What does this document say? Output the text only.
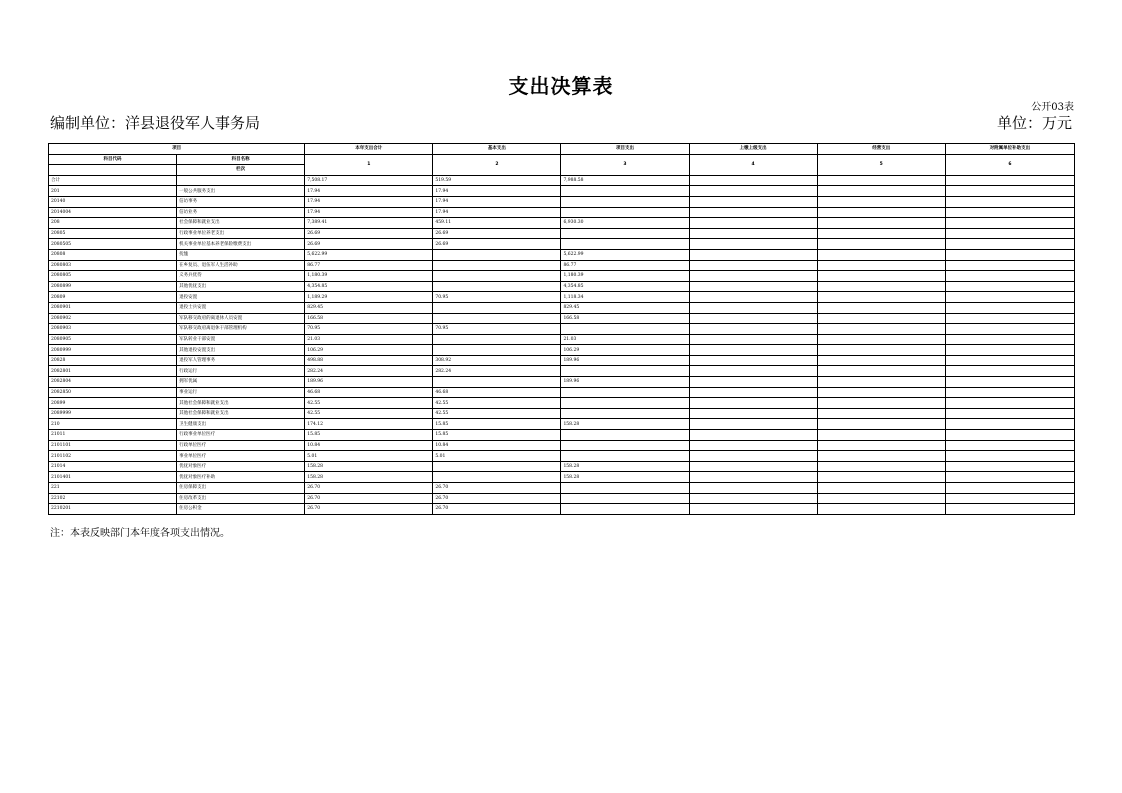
支出决算表
公开03表
编制单位：洋县退役军人事务局	单位：万元
项目		本年支出合计	基本支出	项目支出	上缴上级支出	经营支出	对附属单位补助支出
科目代码	科目名称	1	2	3	4	5	6
	栏次						
合计		7,508.17	519.59	7,988.58			
201	一般公共服务支出	17.94	17.94				
20140	信访事务	17.94	17.94				
2014004	信访业务	17.94	17.94				
208	社会保障和就业支出	7,389.41	459.11	6,930.30			
20805	行政事业单位养老支出	26.69	26.69				
2080505	机关事业单位基本养老保险缴费支出	26.69	26.69				
20808	抚恤	5,622.99		5,622.99			
2080803	在乡复员、退伍军人生活补助	86.77		86.77			
2080805	义务兵优待	1,180.39		1,180.39			
2080899	其他优抚支出	4,354.85		4,354.85			
20809	退役安置	1,189.29	70.95	1,118.34			
2080901	退役士兵安置	829.45		829.45			
2080902	军队移交政府的离退休人员安置	166.58		166.58			
2080903	军队移交政府离退休干部管理机构	70.95	70.95				
2080905	军队转业干部安置	21.03		21.03			
2080999	其他退役安置支出	106.29		106.29			
20828	退役军人管理事务	498.88	308.92	189.96			
2082801	行政运行	282.24	282.24				
2082804	拥军优属	189.96		189.96			
2082850	事业运行	46.68	46.68				
20899	其他社会保障和就业支出	42.55	42.55				
2089999	其他社会保障和就业支出	42.55	42.55				
210	卫生健康支出	174.12	15.85	158.28			
21011	行政事业单位医疗	15.85	15.85				
2101101	行政单位医疗	10.84	10.84				
2101102	事业单位医疗	5.01	5.01				
21014	优抚对象医疗	158.28		158.28			
2101401	优抚对象医疗补助	158.28		158.28			
221	住房保障支出	26.70	26.70				
22102	住房改革支出	26.70	26.70				
2210201	住房公积金	26.70	26.70				
注：本表反映部门本年度各项支出情况。
